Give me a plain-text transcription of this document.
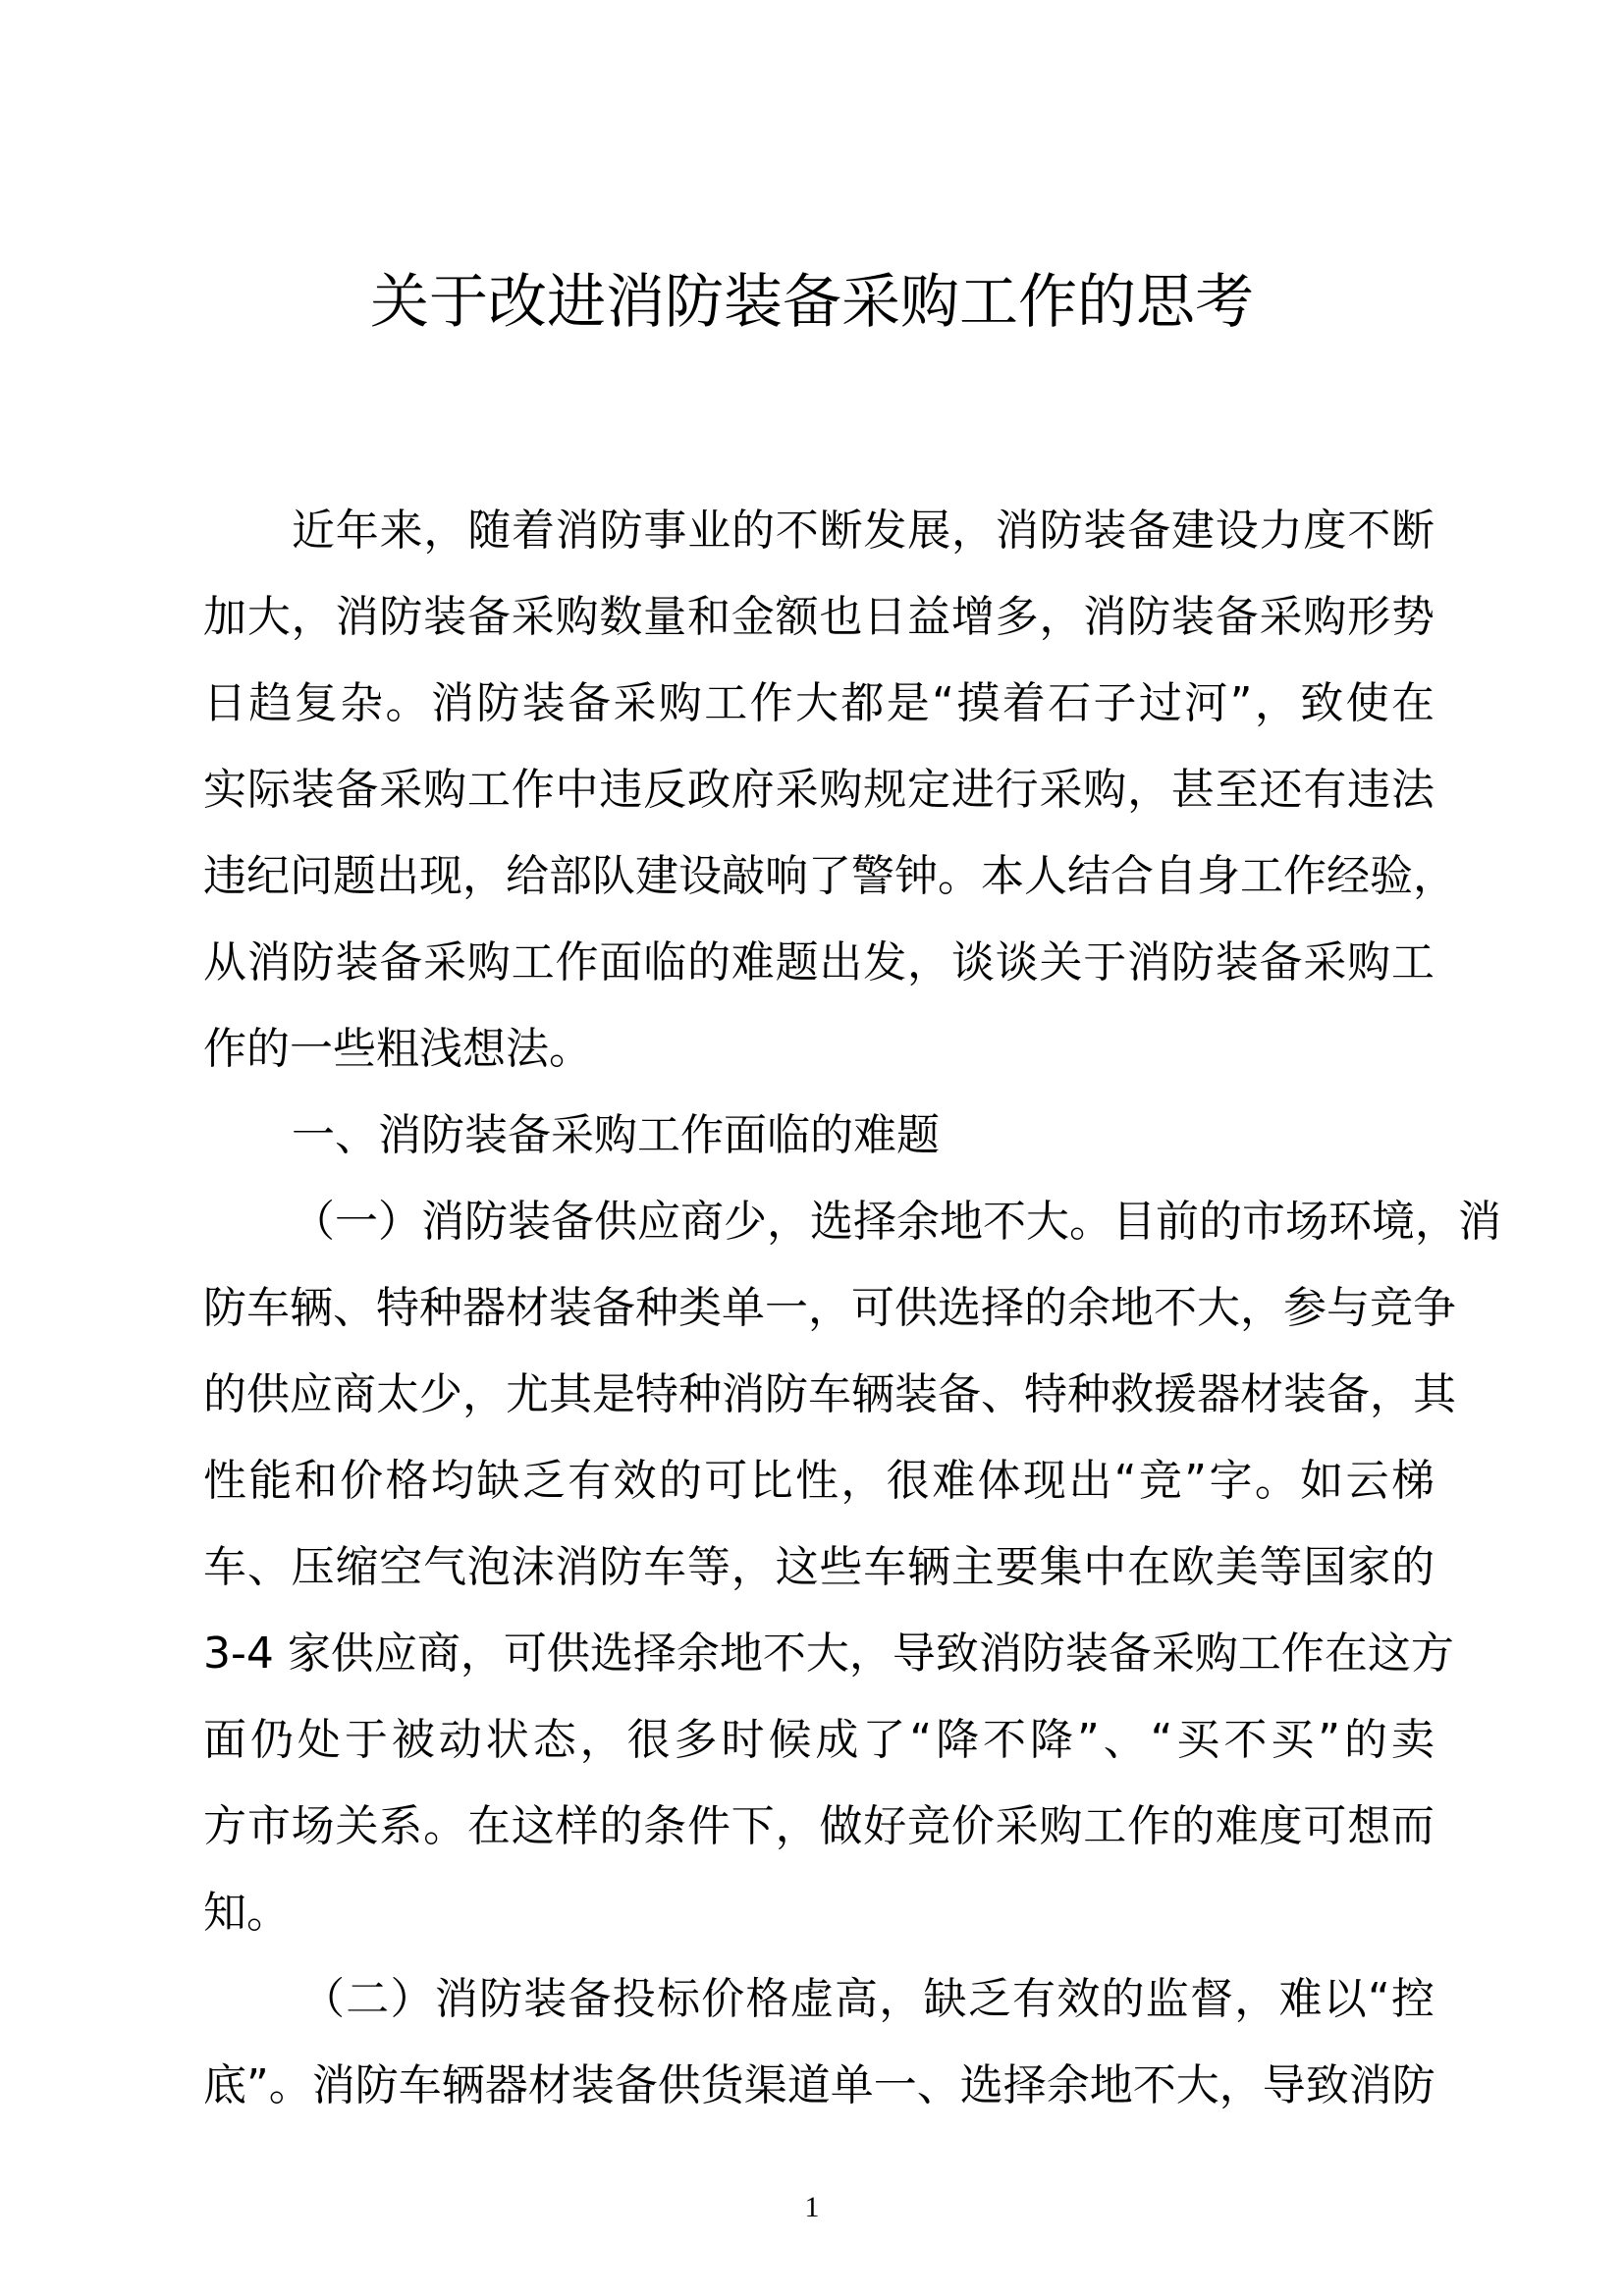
关于改进消防装备采购工作的思考
近年来，随着消防事业的不断发展，消防装备建设力度不断
加大，消防装备采购数量和金额也日益增多，消防装备采购形势
日趋复杂。消防装备采购工作大都是“摸着石子过河”，致使在
实际装备采购工作中违反政府采购规定进行采购，甚至还有违法
违纪问题出现，给部队建设敲响了警钟。本人结合自身工作经验，
从消防装备采购工作面临的难题出发，谈谈关于消防装备采购工
作的一些粗浅想法。
一、消防装备采购工作面临的难题
（一）消防装备供应商少，选择余地不大。目前的市场环境，消
防车辆、特种器材装备种类单一，可供选择的余地不大，参与竞争
的供应商太少，尤其是特种消防车辆装备、特种救援器材装备，其
性能和价格均缺乏有效的可比性，很难体现出“竞”字。如云梯
车、压缩空气泡沫消防车等，这些车辆主要集中在欧美等国家的
3-4 家供应商，可供选择余地不大，导致消防装备采购工作在这方
面仍处于被动状态，很多时候成了“降不降”、“买不买”的卖
方市场关系。在这样的条件下，做好竞价采购工作的难度可想而
知。
（二）消防装备投标价格虚高，缺乏有效的监督，难以“控
底”。消防车辆器材装备供货渠道单一、选择余地不大，导致消防
1
